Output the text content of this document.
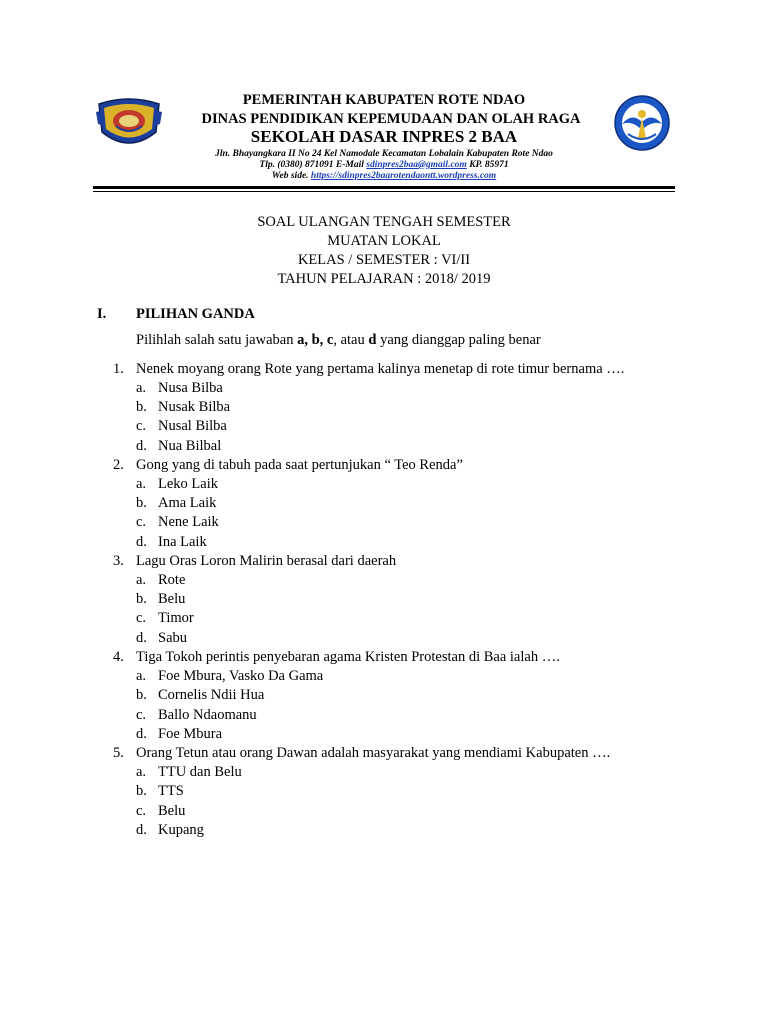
PEMERINTAH KABUPATEN ROTE NDAO
DINAS PENDIDIKAN KEPEMUDAAN DAN OLAH RAGA
SEKOLAH DASAR INPRES 2 BAA
Jln. Bhayangkara II No 24 Kel Namodale Kecamatan Lobalain Kabupaten Rote Ndao
Tlp. (0380) 871091 E-Mail sdinpres2baa@gmail.com KP. 85971
Web side. https://sdinpres2baarotendaontt.wordpress.com
SOAL ULANGAN TENGAH SEMESTER
MUATAN LOKAL
KELAS / SEMESTER : VI/II
TAHUN PELAJARAN : 2018/ 2019
I. PILIHAN GANDA
Pilihlah salah satu jawaban a, b, c, atau d yang dianggap paling benar
1. Nenek moyang orang Rote yang pertama kalinya menetap di rote timur bernama ….
a. Nusa Bilba
b. Nusak Bilba
c. Nusal Bilba
d. Nua Bilbal
2. Gong yang di tabuh pada saat pertunjukan “ Teo Renda”
a. Leko Laik
b. Ama Laik
c. Nene Laik
d. Ina Laik
3. Lagu Oras Loron Malirin berasal dari daerah
a. Rote
b. Belu
c. Timor
d. Sabu
4. Tiga Tokoh perintis penyebaran agama Kristen Protestan di Baa ialah ….
a. Foe Mbura, Vasko Da Gama
b. Cornelis Ndii Hua
c. Ballo Ndaomanu
d. Foe Mbura
5. Orang Tetun atau orang Dawan adalah masyarakat yang mendiami Kabupaten ….
a. TTU dan Belu
b. TTS
c. Belu
d. Kupang
